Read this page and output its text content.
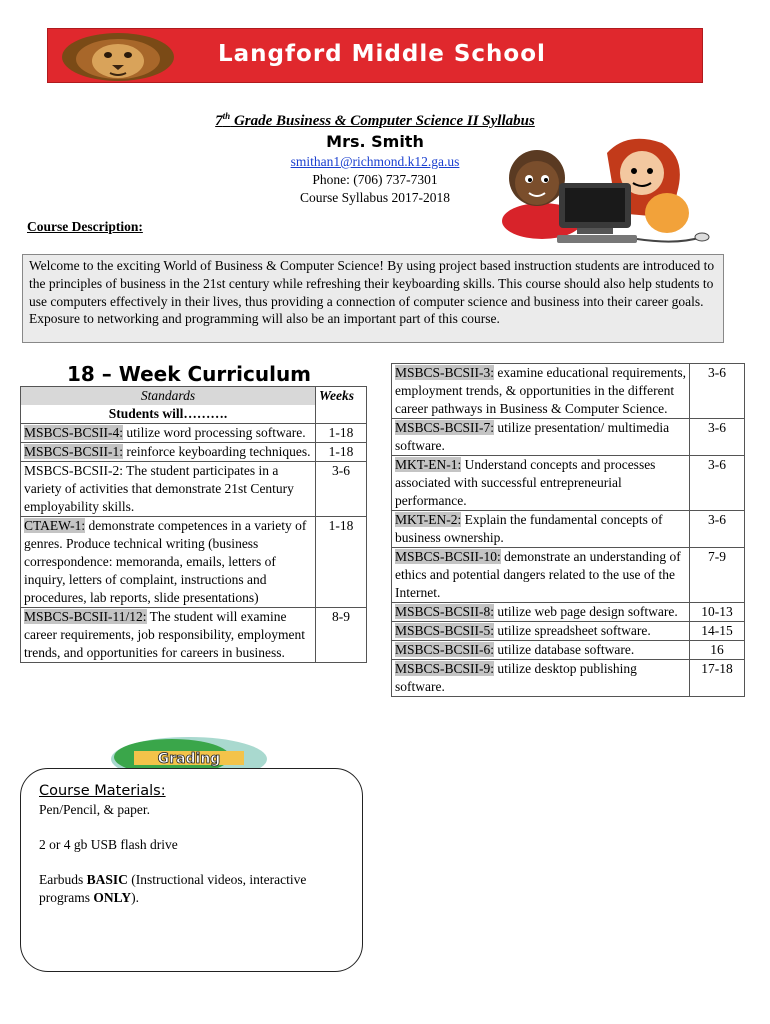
Langford Middle School
7th Grade Business & Computer Science II Syllabus
Mrs. Smith
smithan1@richmond.k12.ga.us
Phone: (706) 737-7301
Course Syllabus 2017-2018
Course Description:
Welcome to the exciting World of Business & Computer Science! By using project based instruction students are introduced to the principles of business in the 21st century while refreshing their keyboarding skills. This course should also help students to use computers effectively in their lives, thus providing a connection of computer science and business into their career goals. Exposure to networking and programming will also be an important part of this course.
18 – Week Curriculum
Standards
Students will……….	Weeks
MSBCS-BCSII-4: utilize word processing software.	1-18
MSBCS-BCSII-1: reinforce keyboarding techniques.	1-18
MSBCS-BCSII-2: The student participates in a variety of activities that demonstrate 21st Century employability skills.	3-6
CTAEW-1: demonstrate competences in a variety of genres. Produce technical writing (business correspondence: memoranda, emails, letters of inquiry, letters of complaint, instructions and procedures, lab reports, slide presentations)	1-18
MSBCS-BCSII-11/12: The student will examine career requirements, job responsibility, employment trends, and opportunities for careers in business.	8-9
MSBCS-BCSII-3: examine educational requirements, employment trends, & opportunities in the different career pathways in Business & Computer Science.	3-6
MSBCS-BCSII-7: utilize presentation/ multimedia software.	3-6
MKT-EN-1: Understand concepts and processes associated with successful entrepreneurial performance.	3-6
MKT-EN-2: Explain the fundamental concepts of business ownership.	3-6
MSBCS-BCSII-10: demonstrate an understanding of ethics and potential dangers related to the use of the Internet.	7-9
MSBCS-BCSII-8: utilize web page design software.	10-13
MSBCS-BCSII-5: utilize spreadsheet software.	14-15
MSBCS-BCSII-6: utilize database software.	16
MSBCS-BCSII-9: utilize desktop publishing software.	17-18
Grading
Course Materials:

Pen/Pencil, & paper.

2 or 4 gb USB flash drive

Earbuds BASIC (Instructional videos, interactive programs ONLY).
